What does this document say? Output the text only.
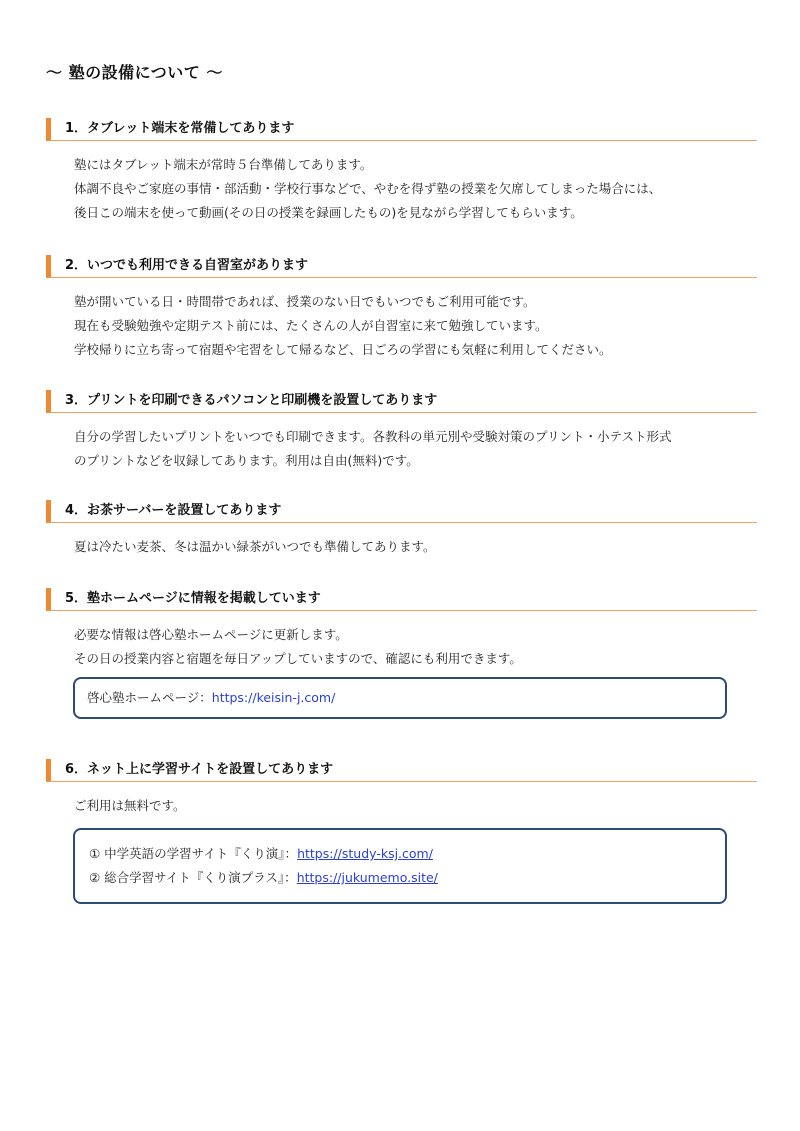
～ 塾の設備について ～
1．タブレット端末を常備してあります
塾にはタブレット端末が常時５台準備してあります。
体調不良やご家庭の事情・部活動・学校行事などで、やむを得ず塾の授業を欠席してしまった場合には、
後日この端末を使って動画(その日の授業を録画したもの)を見ながら学習してもらいます。
2．いつでも利用できる自習室があります
塾が開いている日・時間帯であれば、授業のない日でもいつでもご利用可能です。
現在も受験勉強や定期テスト前には、たくさんの人が自習室に来て勉強しています。
学校帰りに立ち寄って宿題や宅習をして帰るなど、日ごろの学習にも気軽に利用してください。
3．プリントを印刷できるパソコンと印刷機を設置してあります
自分の学習したいプリントをいつでも印刷できます。各教科の単元別や受験対策のプリント・小テスト形式
のプリントなどを収録してあります。利用は自由(無料)です。
4．お茶サーバーを設置してあります
夏は冷たい麦茶、冬は温かい緑茶がいつでも準備してあります。
5．塾ホームページに情報を掲載しています
必要な情報は啓心塾ホームページに更新します。
その日の授業内容と宿題を毎日アップしていますので、確認にも利用できます。
啓心塾ホームページ：https://keisin-j.com/
6．ネット上に学習サイトを設置してあります
ご利用は無料です。
① 中学英語の学習サイト『くり演』：https://study-ksj.com/
② 総合学習サイト『くり演プラス』：https://jukumemo.site/
